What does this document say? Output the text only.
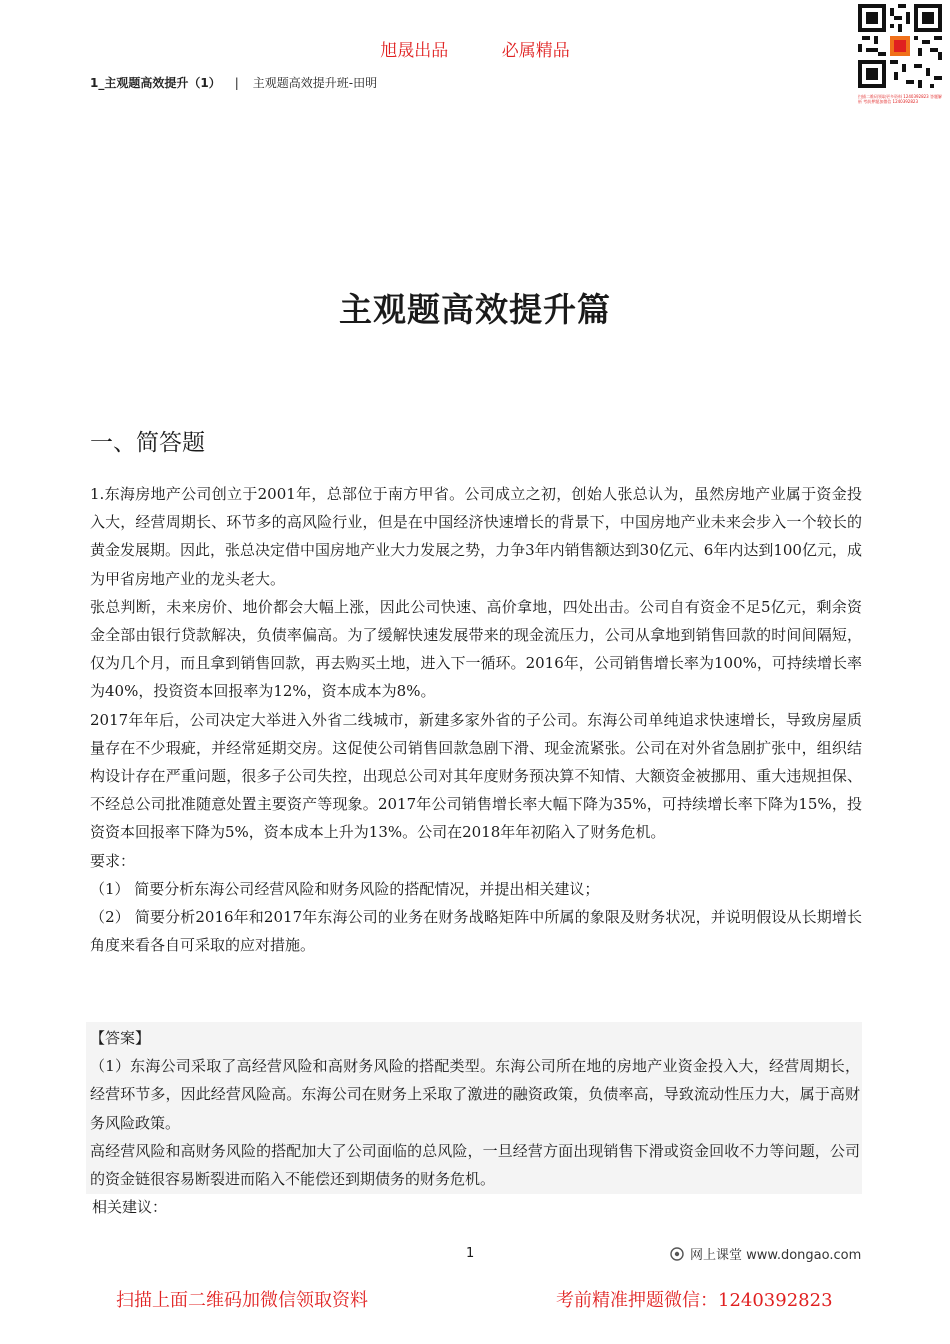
旭晟出品	必属精品
1_主观题高效提升（1） | 主观题高效提升班-田明
扫描二维码领取更多资料 1240392823 答题解析 考前押题加微信 1240392823
主观题高效提升篇
一、简答题

1.东海房地产公司创立于2001年，总部位于南方甲省。公司成立之初，创始人张总认为，虽然房地产业属于资金投入大，经营周期长、环节多的高风险行业，但是在中国经济快速增长的背景下，中国房地产业未来会步入一个较长的黄金发展期。因此，张总决定借中国房地产业大力发展之势，力争3年内销售额达到30亿元、6年内达到100亿元，成为甲省房地产业的龙头老大。

张总判断，未来房价、地价都会大幅上涨，因此公司快速、高价拿地，四处出击。公司自有资金不足5亿元，剩余资金全部由银行贷款解决，负债率偏高。为了缓解快速发展带来的现金流压力，公司从拿地到销售回款的时间间隔短，仅为几个月，而且拿到销售回款，再去购买土地，进入下一循环。2016年，公司销售增长率为100%，可持续增长率为40%，投资资本回报率为12%，资本成本为8%。

2017年年后，公司决定大举进入外省二线城市，新建多家外省的子公司。东海公司单纯追求快速增长，导致房屋质量存在不少瑕疵，并经常延期交房。这促使公司销售回款急剧下滑、现金流紧张。公司在对外省急剧扩张中，组织结构设计存在严重问题，很多子公司失控，出现总公司对其年度财务预决算不知情、大额资金被挪用、重大违规担保、不经总公司批准随意处置主要资产等现象。2017年公司销售增长率大幅下降为35%，可持续增长率下降为15%，投资资本回报率下降为5%，资本成本上升为13%。公司在2018年年初陷入了财务危机。

要求：

（1） 简要分析东海公司经营风险和财务风险的搭配情况，并提出相关建议；

（2） 简要分析2016年和2017年东海公司的业务在财务战略矩阵中所属的象限及财务状况，并说明假设从长期增长角度来看各自可采取的应对措施。

【答案】

（1）东海公司采取了高经营风险和高财务风险的搭配类型。东海公司所在地的房地产业资金投入大，经营周期长，经营环节多，因此经营风险高。东海公司在财务上采取了激进的融资政策，负债率高，导致流动性压力大，属于高财务风险政策。

高经营风险和高财务风险的搭配加大了公司面临的总风险，一旦经营方面出现销售下滑或资金回收不力等问题，公司的资金链很容易断裂进而陷入不能偿还到期债务的财务危机。

相关建议：
1	网上课堂 www.dongao.com
扫描上面二维码加微信领取资料	考前精准押题微信：1240392823
